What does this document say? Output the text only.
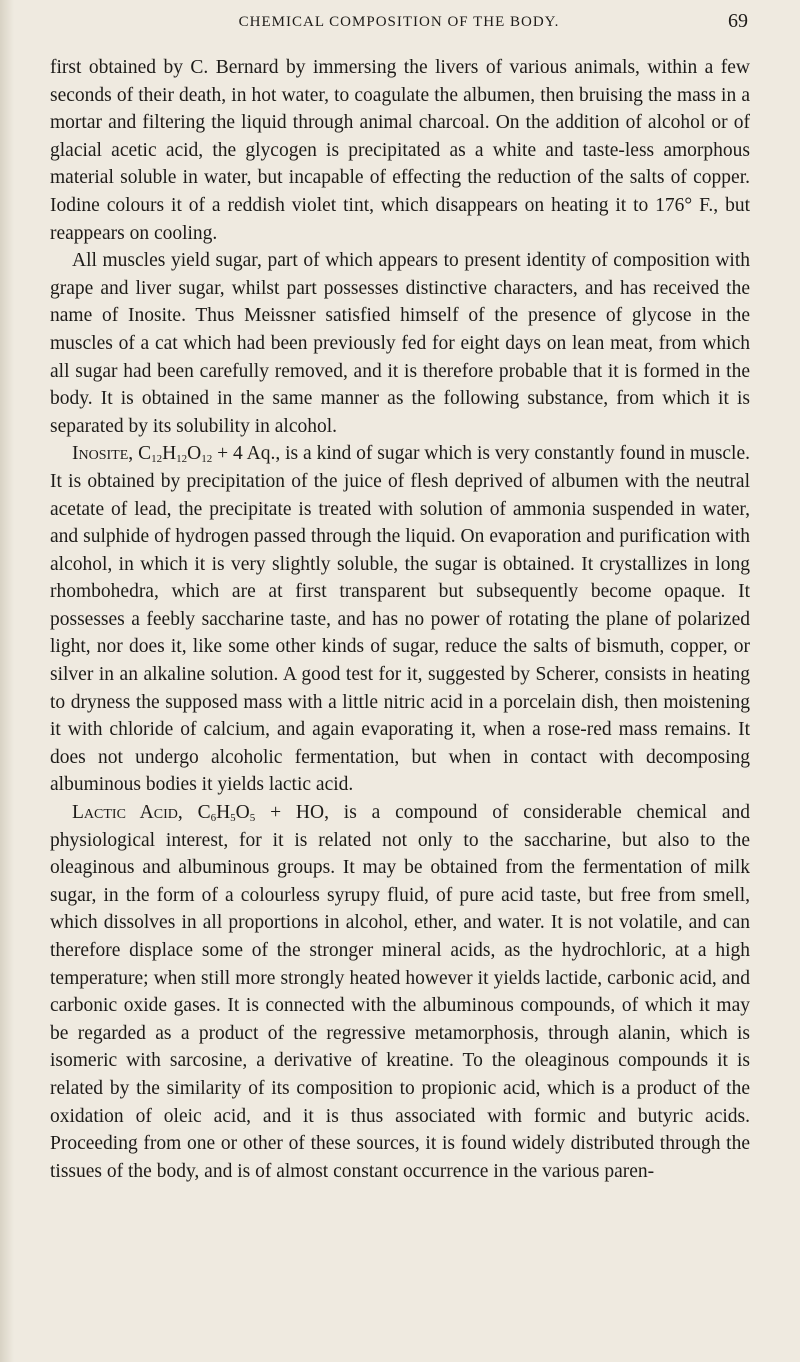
CHEMICAL COMPOSITION OF THE BODY.	69

first obtained by C. Bernard by immersing the livers of various animals, within a few seconds of their death, in hot water, to coagulate the albumen, then bruising the mass in a mortar and filtering the liquid through animal charcoal. On the addition of alcohol or of glacial acetic acid, the glycogen is precipitated as a white and taste-less amorphous material soluble in water, but incapable of effecting the reduction of the salts of copper. Iodine colours it of a reddish violet tint, which disappears on heating it to 176° F., but reappears on cooling.

All muscles yield sugar, part of which appears to present identity of composition with grape and liver sugar, whilst part possesses distinctive characters, and has received the name of Inosite. Thus Meissner satisfied himself of the presence of glycose in the muscles of a cat which had been previously fed for eight days on lean meat, from which all sugar had been carefully removed, and it is therefore probable that it is formed in the body. It is obtained in the same manner as the following substance, from which it is separated by its solubility in alcohol.

Inosite, $C_{12}H_{12}O_{12} + 4$ Aq., is a kind of sugar which is very constantly found in muscle. It is obtained by precipitation of the juice of flesh deprived of albumen with the neutral acetate of lead, the precipitate is treated with solution of ammonia suspended in water, and sulphide of hydrogen passed through the liquid. On evaporation and purification with alcohol, in which it is very slightly soluble, the sugar is obtained. It crystallizes in long rhombohedra, which are at first transparent but subsequently become opaque. It possesses a feebly saccharine taste, and has no power of rotating the plane of polarized light, nor does it, like some other kinds of sugar, reduce the salts of bismuth, copper, or silver in an alkaline solution. A good test for it, suggested by Scherer, consists in heating to dryness the supposed mass with a little nitric acid in a porcelain dish, then moistening it with chloride of calcium, and again evaporating it, when a rose-red mass remains. It does not undergo alcoholic fermentation, but when in contact with decomposing albuminous bodies it yields lactic acid.

Lactic Acid, $C_6H_5O_5$ + HO, is a compound of considerable chemical and physiological interest, for it is related not only to the saccharine, but also to the oleaginous and albuminous groups. It may be obtained from the fermentation of milk sugar, in the form of a colourless syrupy fluid, of pure acid taste, but free from smell, which dissolves in all proportions in alcohol, ether, and water. It is not volatile, and can therefore displace some of the stronger mineral acids, as the hydrochloric, at a high temperature; when still more strongly heated however it yields lactide, carbonic acid, and carbonic oxide gases. It is connected with the albuminous compounds, of which it may be regarded as a product of the regressive metamorphosis, through alanin, which is isomeric with sarcosine, a derivative of kreatine. To the oleaginous compounds it is related by the similarity of its composition to propionic acid, which is a product of the oxidation of oleic acid, and it is thus associated with formic and butyric acids. Proceeding from one or other of these sources, it is found widely distributed through the tissues of the body, and is of almost constant occurrence in the various paren-
